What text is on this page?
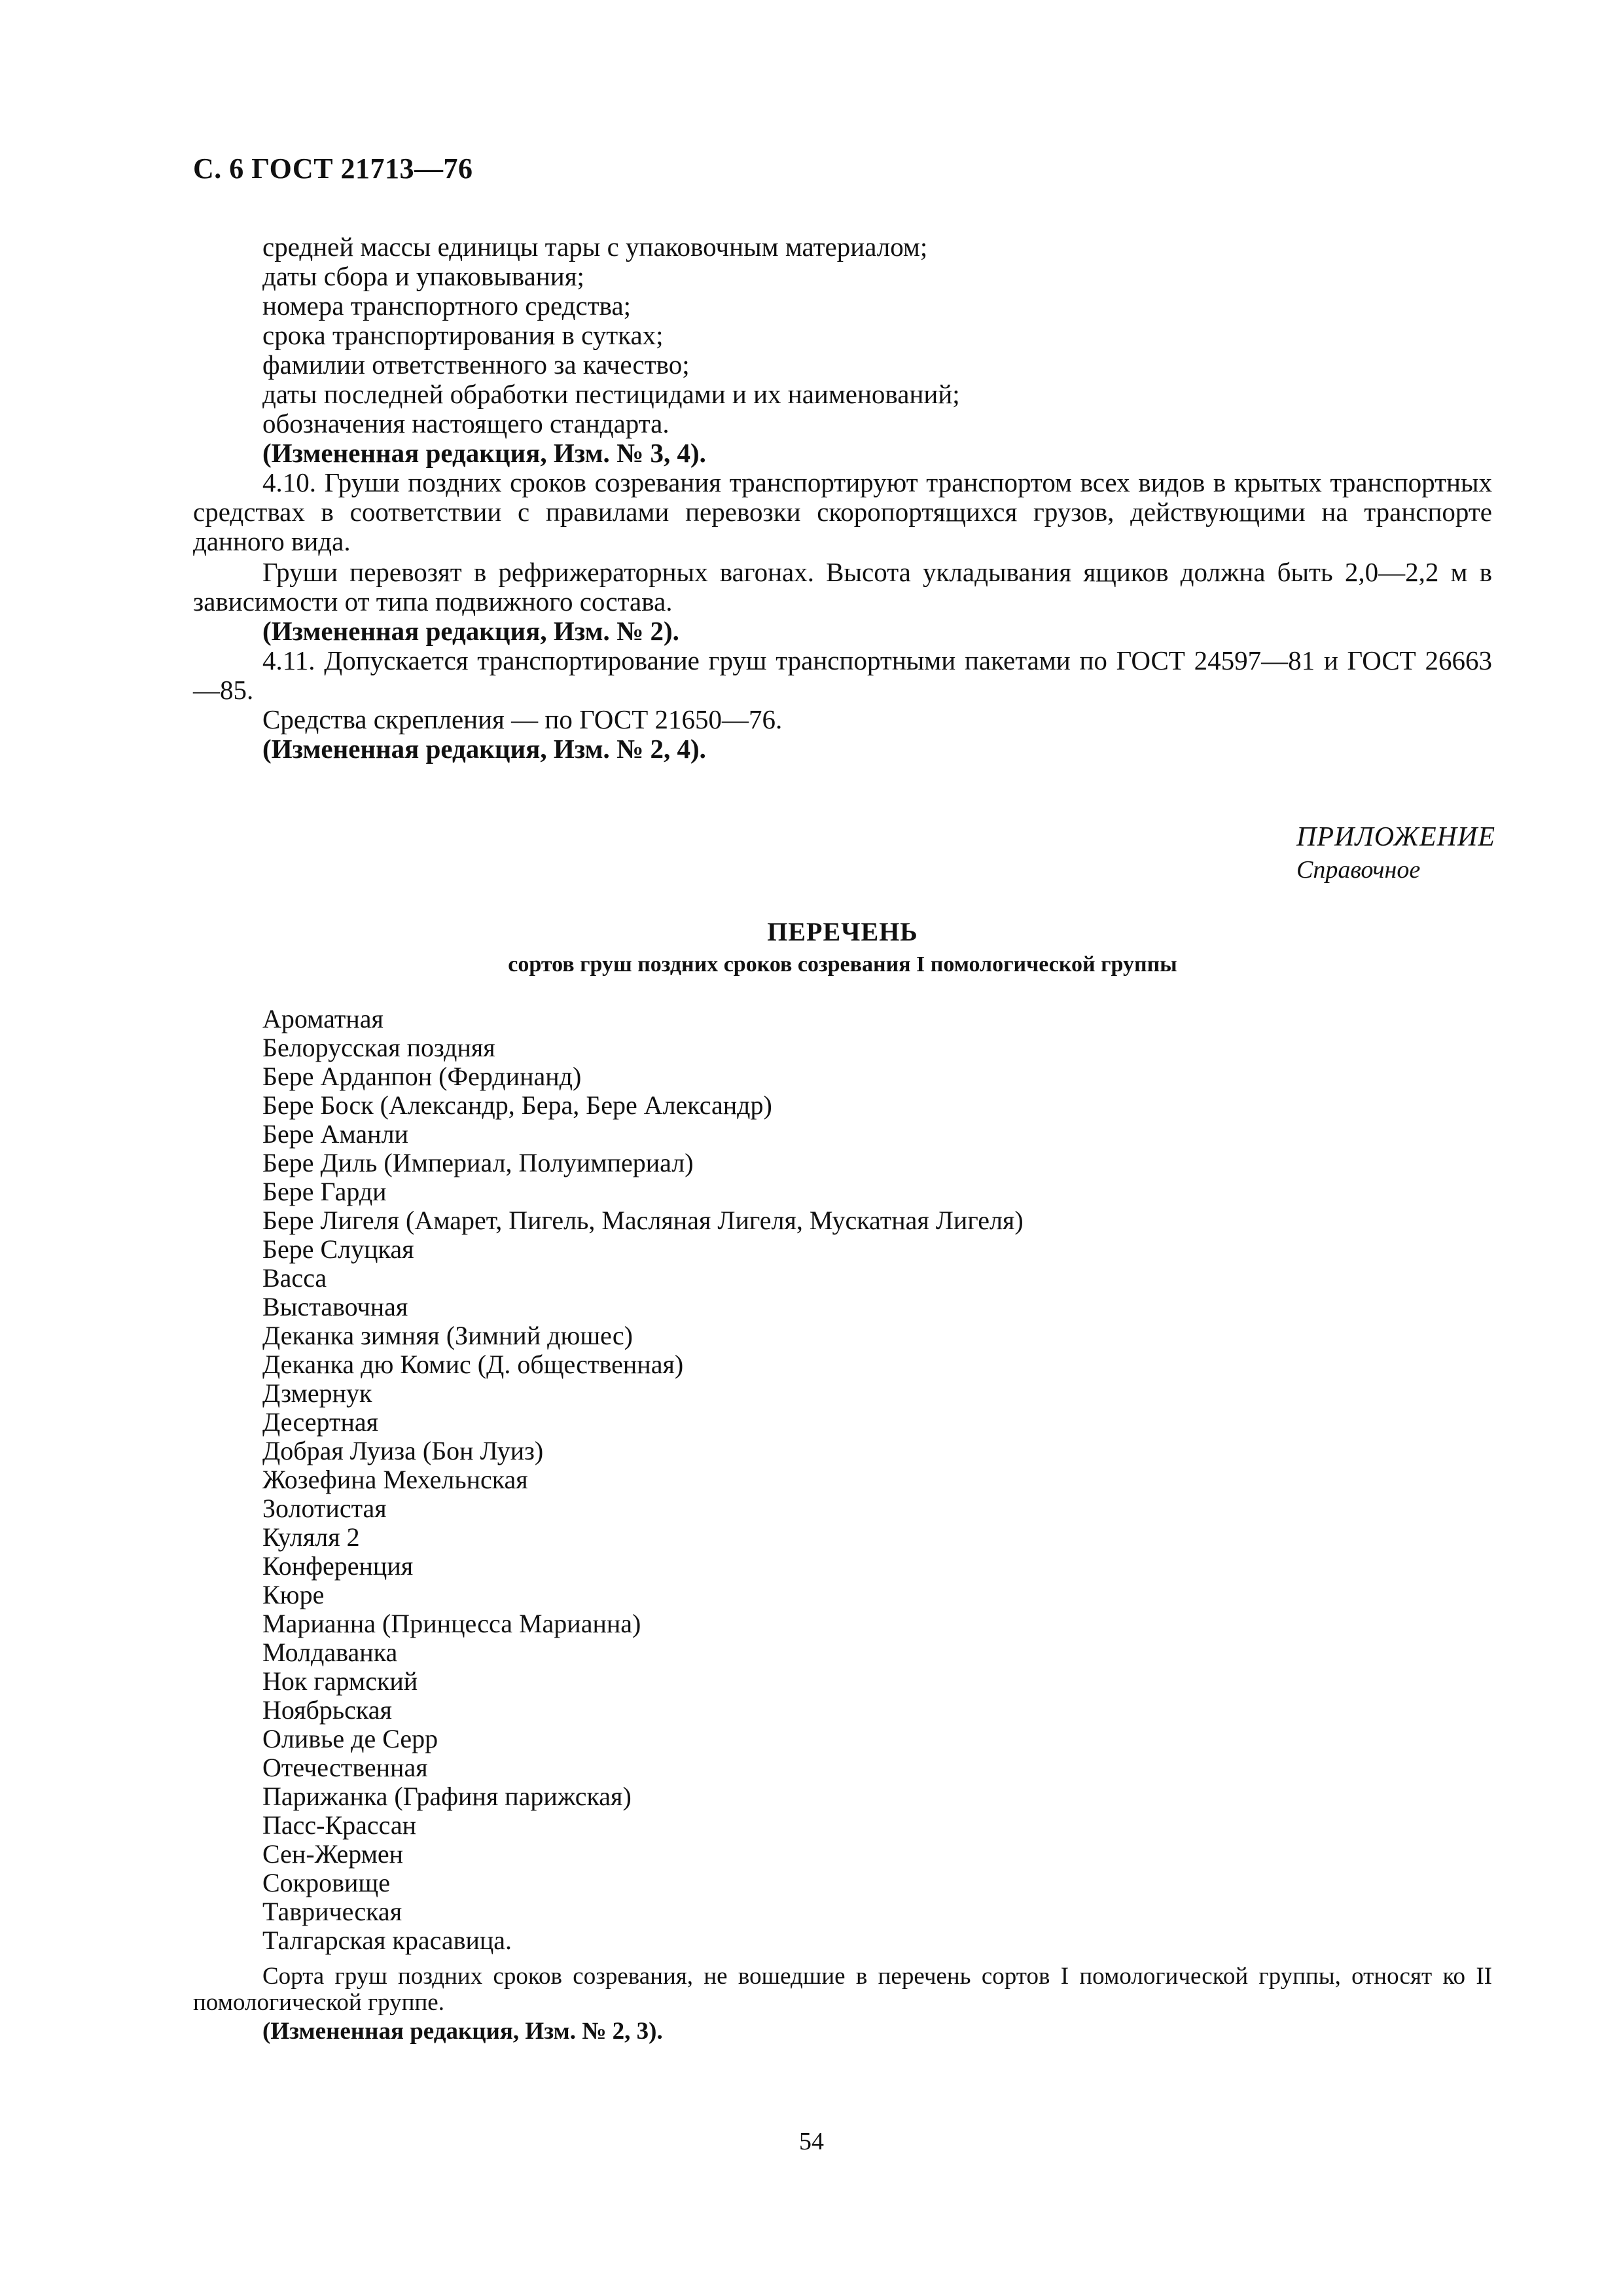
С. 6 ГОСТ 21713—76
средней массы единицы тары с упаковочным материалом;
даты сбора и упаковывания;
номера транспортного средства;
срока транспортирования в сутках;
фамилии ответственного за качество;
даты последней обработки пестицидами и их наименований;
обозначения настоящего стандарта.
(Измененная редакция, Изм. № 3, 4).
4.10. Груши поздних сроков созревания транспортируют транспортом всех видов в крытых транспортных средствах в соответствии с правилами перевозки скоропортящихся грузов, действующими на транспорте данного вида.
Груши перевозят в рефрижераторных вагонах. Высота укладывания ящиков должна быть 2,0—2,2 м в зависимости от типа подвижного состава.
(Измененная редакция, Изм. № 2).
4.11. Допускается транспортирование груш транспортными пакетами по ГОСТ 24597—81 и ГОСТ 26663—85.
Средства скрепления — по ГОСТ 21650—76.
(Измененная редакция, Изм. № 2, 4).
ПРИЛОЖЕНИЕ
Справочное
ПЕРЕЧЕНЬ
сортов груш поздних сроков созревания I помологической группы
Ароматная
Белорусская поздняя
Бере Арданпон (Фердинанд)
Бере Боск (Александр, Бера, Бере Александр)
Бере Аманли
Бере Диль (Империал, Полуимпериал)
Бере Гарди
Бере Лигеля (Амарет, Пигель, Масляная Лигеля, Мускатная Лигеля)
Бере Слуцкая
Васса
Выставочная
Деканка зимняя (Зимний дюшес)
Деканка дю Комис (Д. общественная)
Дзмернук
Десертная
Добрая Луиза (Бон Луиз)
Жозефина Мехельнская
Золотистая
Куляля 2
Конференция
Кюре
Марианна (Принцесса Марианна)
Молдаванка
Нок гармский
Ноябрьская
Оливье де Серр
Отечественная
Парижанка (Графиня парижская)
Пасс-Крассан
Сен-Жермен
Сокровище
Таврическая
Талгарская красавица.
Сорта груш поздних сроков созревания, не вошедшие в перечень сортов I помологической группы, относят ко II помологической группе.
(Измененная редакция, Изм. № 2, 3).
54
